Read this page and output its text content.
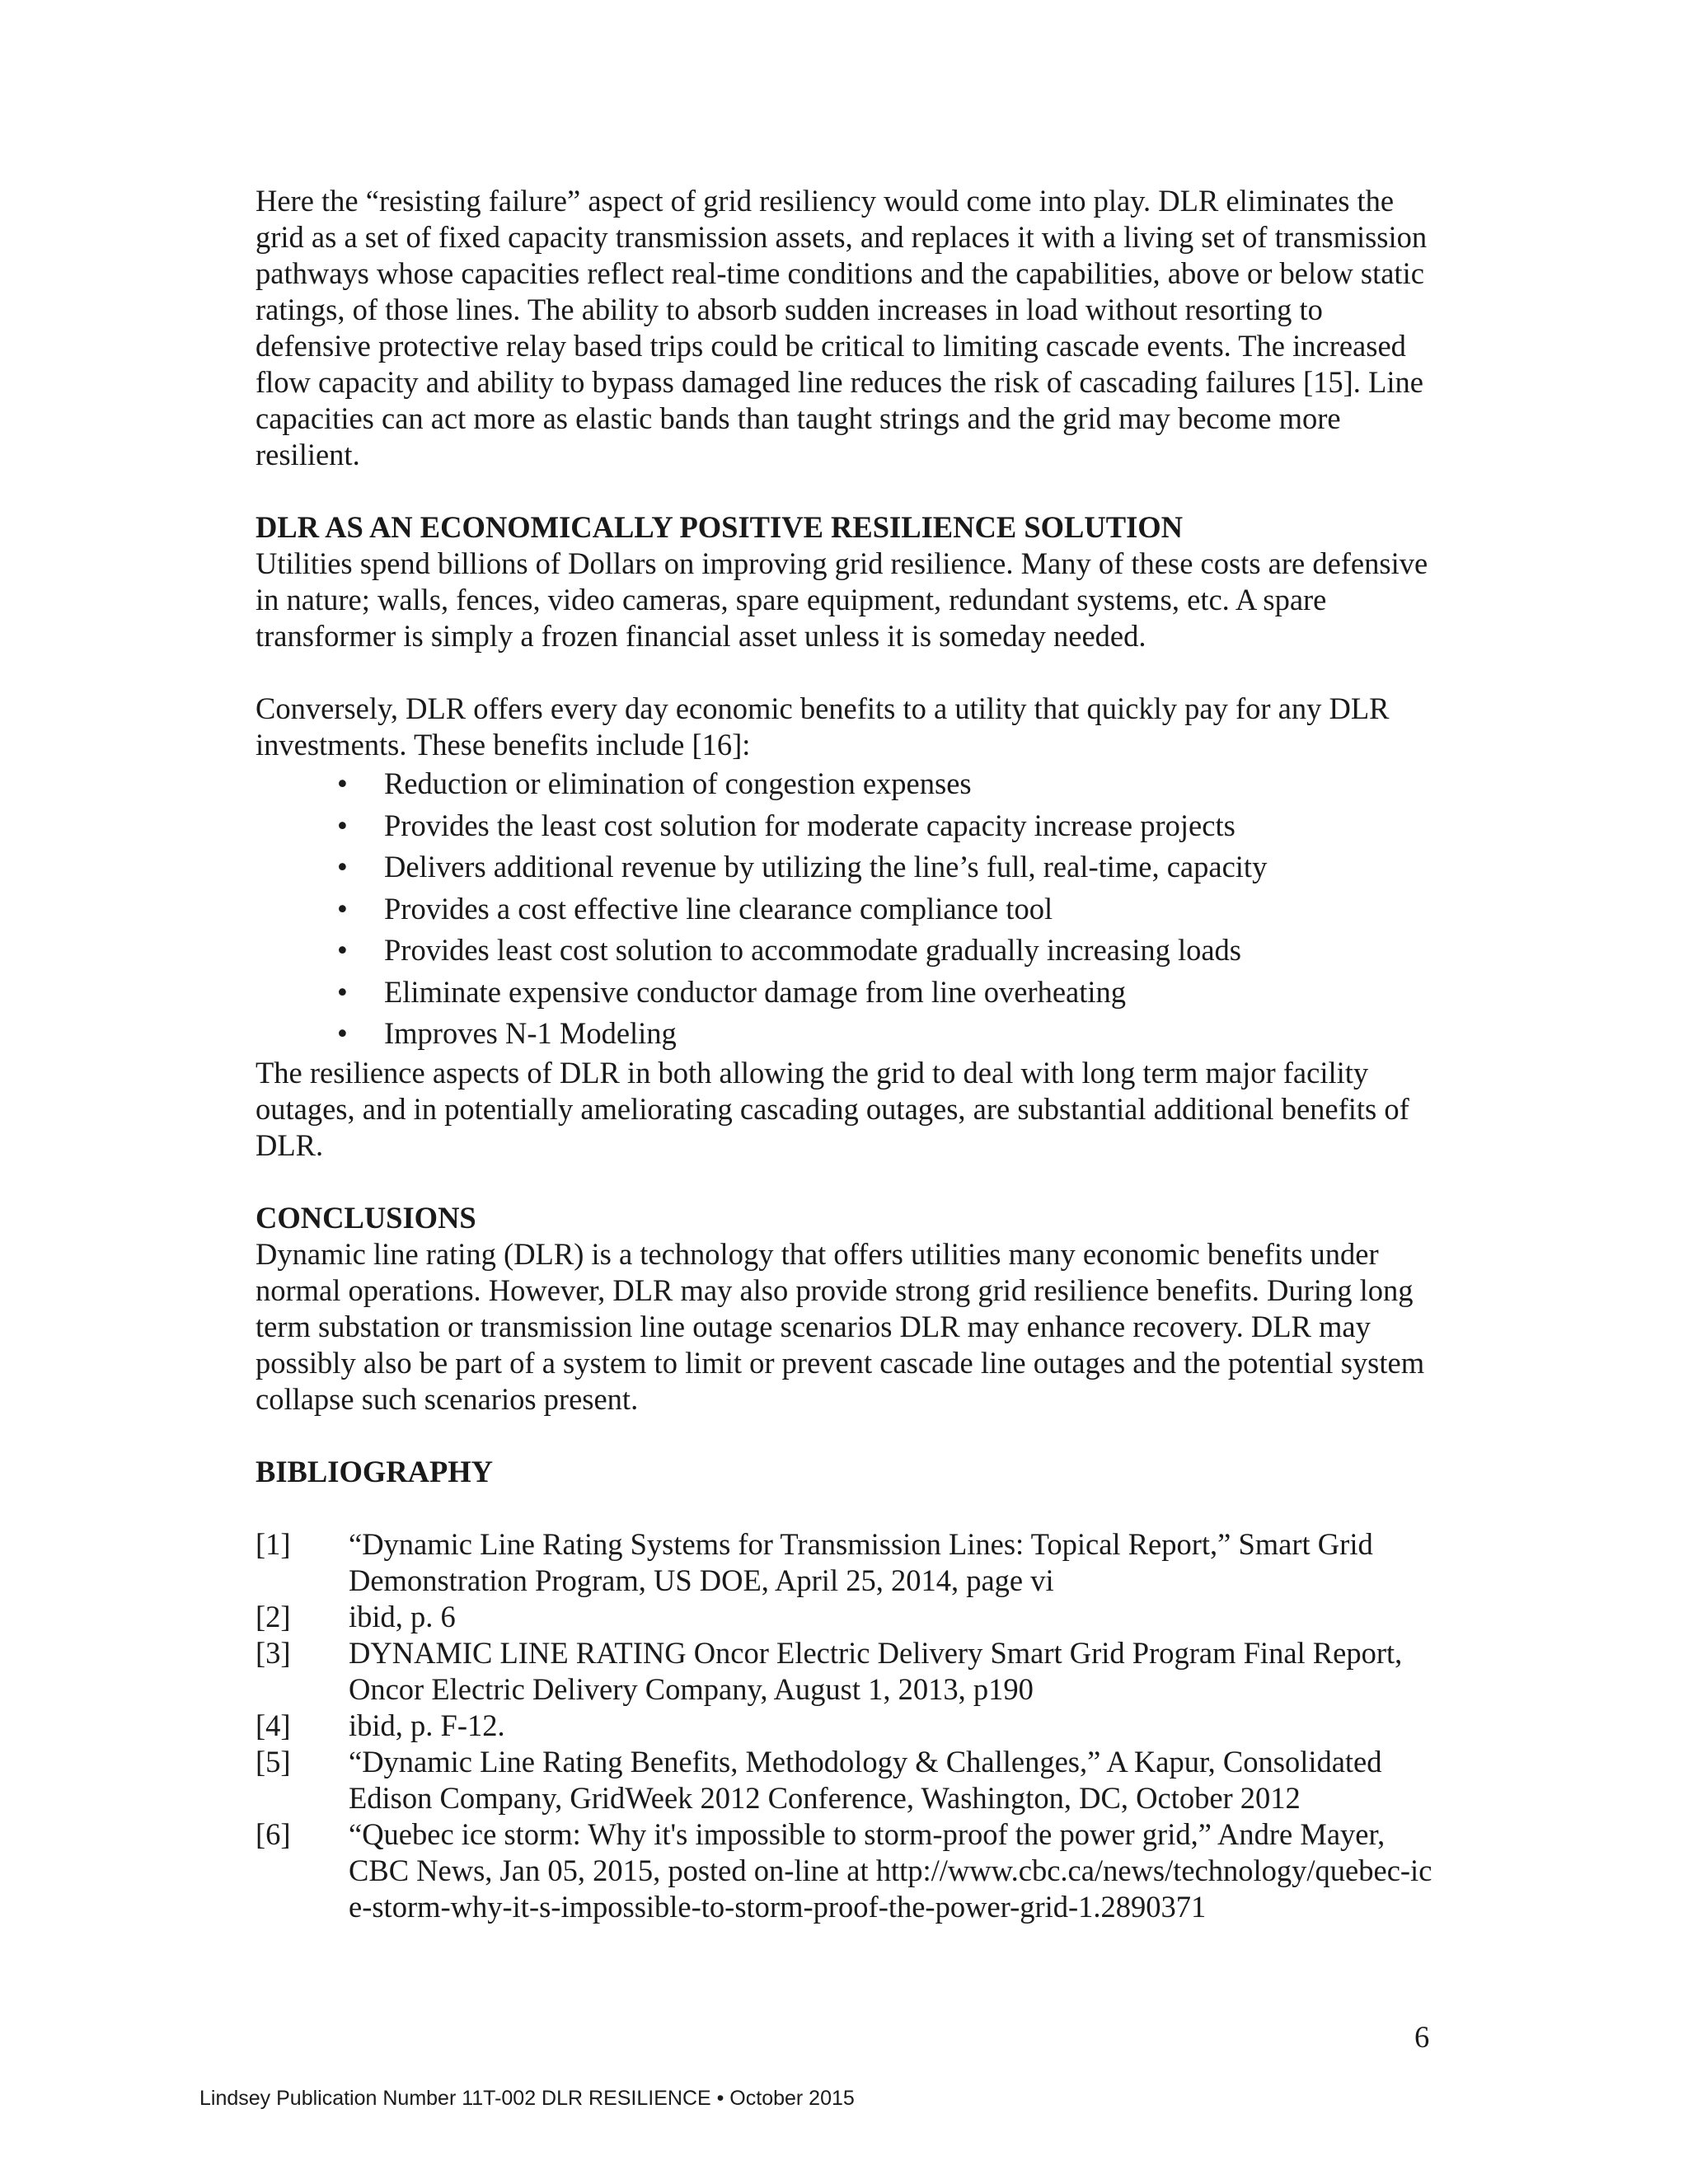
Here the “resisting failure” aspect of grid resiliency would come into play. DLR eliminates the grid as a set of fixed capacity transmission assets, and replaces it with a living set of transmission pathways whose capacities reflect real-time conditions and the capabilities, above or below static ratings, of those lines. The ability to absorb sudden increases in load without resorting to defensive protective relay based trips could be critical to limiting cascade events. The increased flow capacity and ability to bypass damaged line reduces the risk of cascading failures [15]. Line capacities can act more as elastic bands than taught strings and the grid may become more resilient.

DLR AS AN ECONOMICALLY POSITIVE RESILIENCE SOLUTION

Utilities spend billions of Dollars on improving grid resilience. Many of these costs are defensive in nature; walls, fences, video cameras, spare equipment, redundant systems, etc. A spare transformer is simply a frozen financial asset unless it is someday needed.

Conversely, DLR offers every day economic benefits to a utility that quickly pay for any DLR investments. These benefits include [16]:

• Reduction or elimination of congestion expenses
• Provides the least cost solution for moderate capacity increase projects
• Delivers additional revenue by utilizing the line’s full, real-time, capacity
• Provides a cost effective line clearance compliance tool
• Provides least cost solution to accommodate gradually increasing loads
• Eliminate expensive conductor damage from line overheating
• Improves N-1 Modeling

The resilience aspects of DLR in both allowing the grid to deal with long term major facility outages, and in potentially ameliorating cascading outages, are substantial additional benefits of DLR.

CONCLUSIONS

Dynamic line rating (DLR) is a technology that offers utilities many economic benefits under normal operations. However, DLR may also provide strong grid resilience benefits. During long term substation or transmission line outage scenarios DLR may enhance recovery. DLR may possibly also be part of a system to limit or prevent cascade line outages and the potential system collapse such scenarios present.

BIBLIOGRAPHY

[1]	“Dynamic Line Rating Systems for Transmission Lines: Topical Report,” Smart Grid Demonstration Program, US DOE, April 25, 2014, page vi
[2]	ibid, p. 6
[3]	DYNAMIC LINE RATING Oncor Electric Delivery Smart Grid Program Final Report, Oncor Electric Delivery Company, August 1, 2013, p190
[4]	ibid, p. F-12.
[5]	“Dynamic Line Rating Benefits, Methodology & Challenges,” A Kapur, Consolidated Edison Company, GridWeek 2012 Conference, Washington, DC, October 2012
[6]	“Quebec ice storm: Why it's impossible to storm-proof the power grid,” Andre Mayer, CBC News, Jan 05, 2015, posted on-line at http://www.cbc.ca/news/technology/quebec-ice-storm-why-it-s-impossible-to-storm-proof-the-power-grid-1.2890371
6
Lindsey Publication Number 11T-002 DLR RESILIENCE • October 2015
